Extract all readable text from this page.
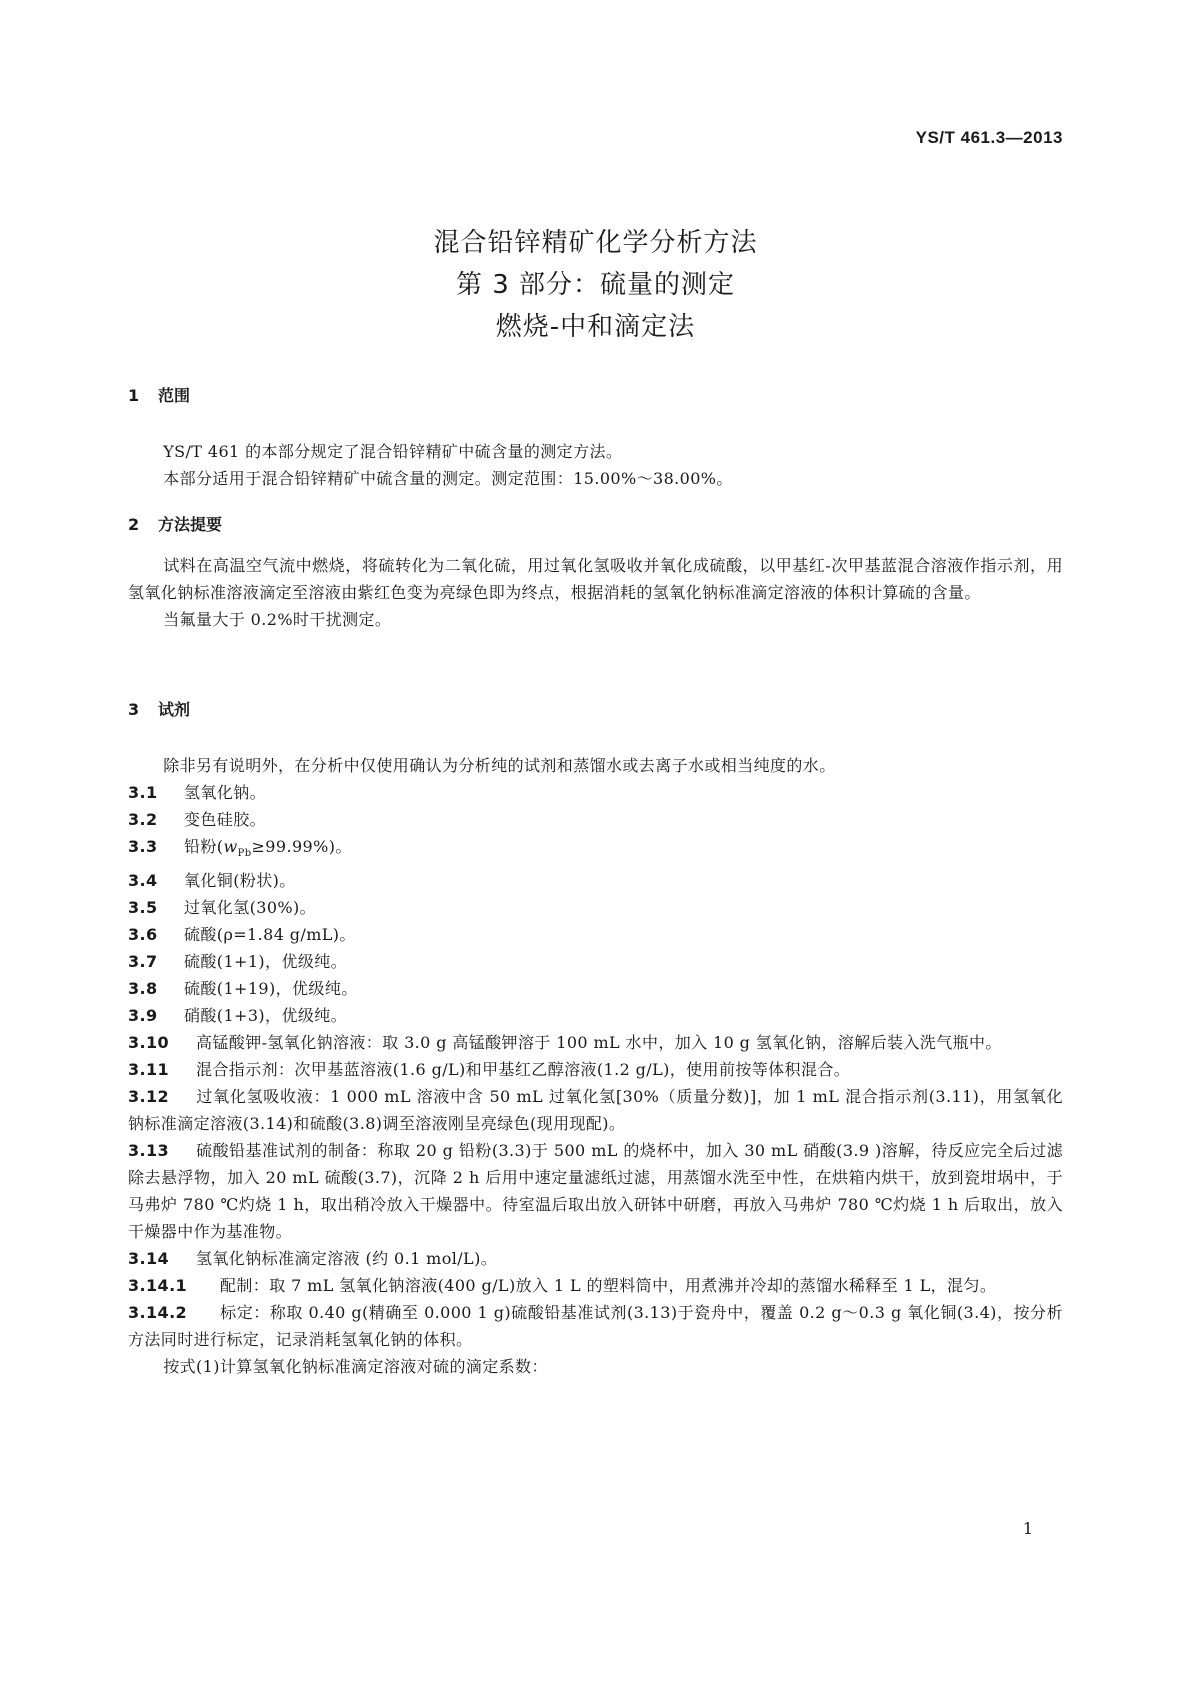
YS/T 461.3—2013
混合铅锌精矿化学分析方法
第 3 部分：硫量的测定
燃烧-中和滴定法
1 范围

YS/T 461 的本部分规定了混合铅锌精矿中硫含量的测定方法。

本部分适用于混合铅锌精矿中硫含量的测定。测定范围：15.00%～38.00%。

2 方法提要

试料在高温空气流中燃烧，将硫转化为二氧化硫，用过氧化氢吸收并氧化成硫酸，以甲基红-次甲基蓝混合溶液作指示剂，用氢氧化钠标准溶液滴定至溶液由紫红色变为亮绿色即为终点，根据消耗的氢氧化钠标准滴定溶液的体积计算硫的含量。

当氟量大于 0.2%时干扰测定。

3 试剂

除非另有说明外，在分析中仅使用确认为分析纯的试剂和蒸馏水或去离子水或相当纯度的水。

3.1 氢氧化钠。
3.2 变色硅胶。
3.3 铅粉$(w_{Pb}\ge 99.99\%)$。
3.4 氧化铜(粉状)。
3.5 过氧化氢(30%)。
3.6 硫酸(ρ=1.84 g/mL)。
3.7 硫酸(1+1)，优级纯。
3.8 硫酸(1+19)，优级纯。
3.9 硝酸(1+3)，优级纯。
3.10 高锰酸钾-氢氧化钠溶液：取 3.0 g 高锰酸钾溶于 100 mL 水中，加入 10 g 氢氧化钠，溶解后装入洗气瓶中。
3.11 混合指示剂：次甲基蓝溶液(1.6 g/L)和甲基红乙醇溶液(1.2 g/L)，使用前按等体积混合。
3.12 过氧化氢吸收液：1 000 mL 溶液中含 50 mL 过氧化氢[30%（质量分数)]，加 1 mL 混合指示剂(3.11)，用氢氧化钠标准滴定溶液(3.14)和硫酸(3.8)调至溶液刚呈亮绿色(现用现配)。
3.13 硫酸铅基准试剂的制备：称取 20 g 铅粉(3.3)于 500 mL 的烧杯中，加入 30 mL 硝酸(3.9 )溶解，待反应完全后过滤除去悬浮物，加入 20 mL 硫酸(3.7)，沉降 2 h 后用中速定量滤纸过滤，用蒸馏水洗至中性，在烘箱内烘干，放到瓷坩埚中，于马弗炉 780 ℃灼烧 1 h，取出稍冷放入干燥器中。待室温后取出放入研钵中研磨，再放入马弗炉 780 ℃灼烧 1 h 后取出，放入干燥器中作为基准物。
3.14 氢氧化钠标准滴定溶液 (约 0.1 mol/L)。
3.14.1 配制：取 7 mL 氢氧化钠溶液(400 g/L)放入 1 L 的塑料筒中，用煮沸并冷却的蒸馏水稀释至 1 L，混匀。
3.14.2 标定：称取 0.40 g(精确至 0.000 1 g)硫酸铅基准试剂(3.13)于瓷舟中，覆盖 0.2 g～0.3 g 氧化铜(3.4)，按分析方法同时进行标定，记录消耗氢氧化钠的体积。

按式(1)计算氢氧化钠标准滴定溶液对硫的滴定系数：

1
